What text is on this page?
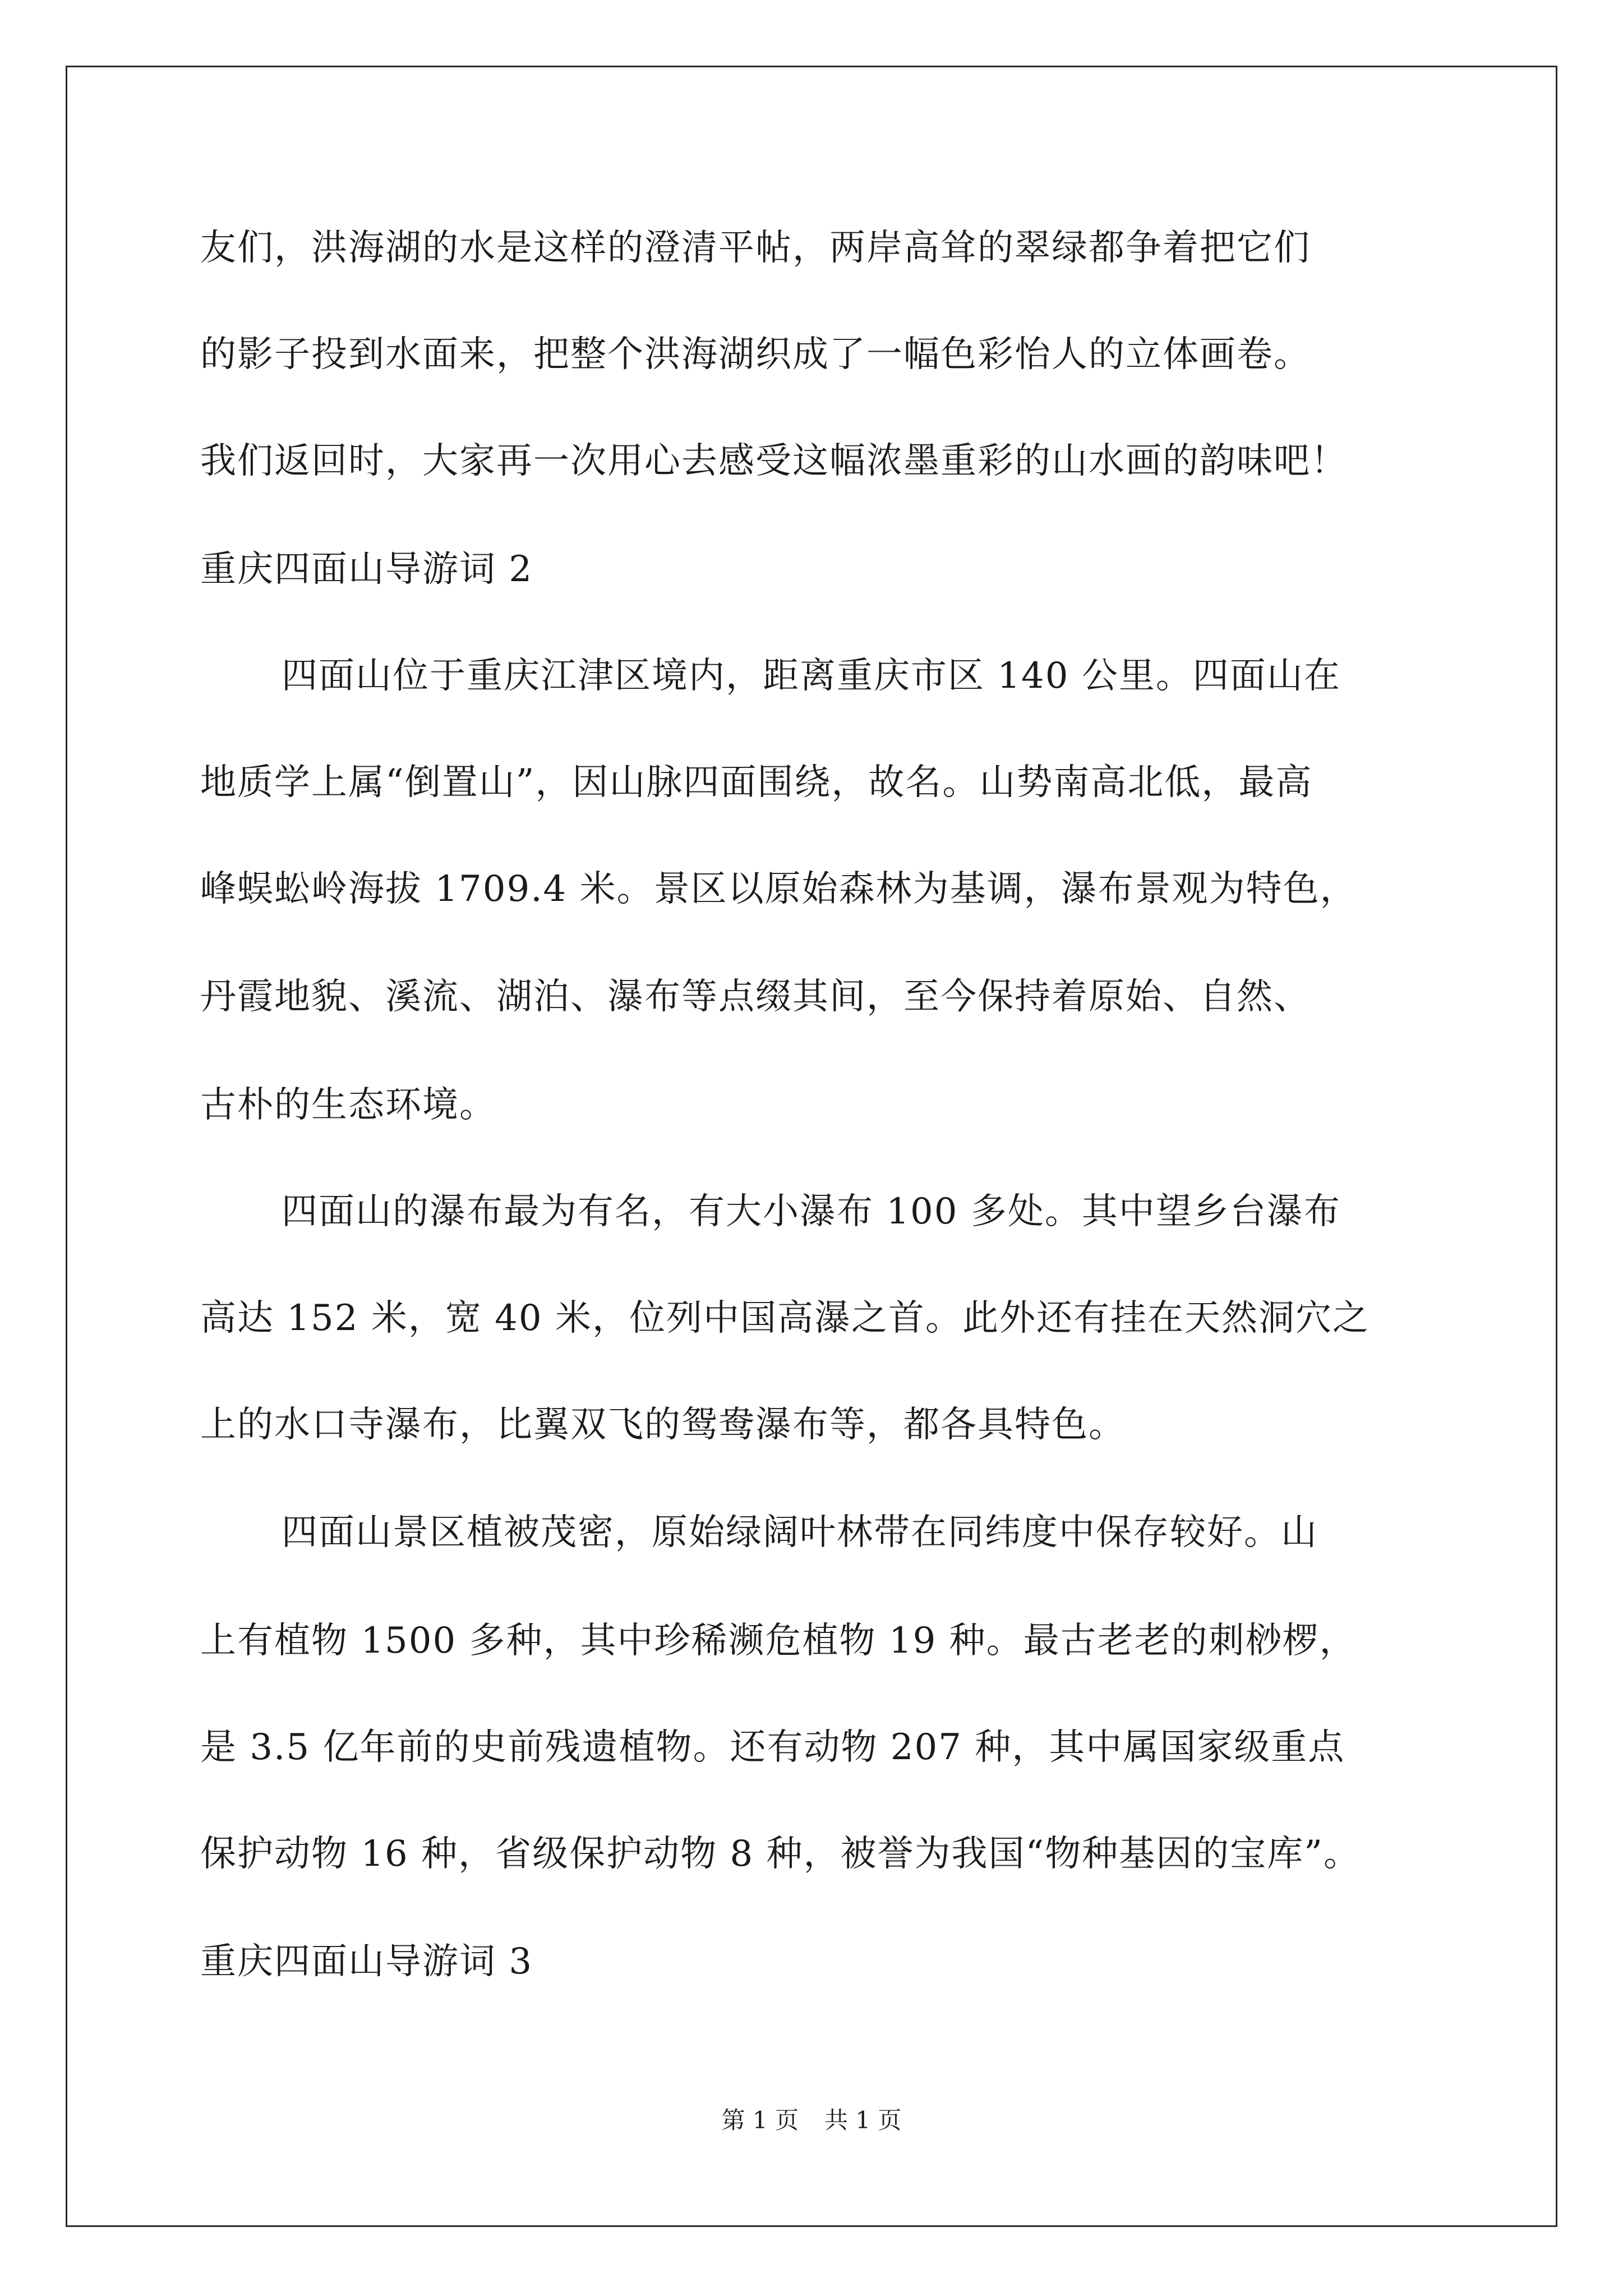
友们，洪海湖的水是这样的澄清平帖，两岸高耸的翠绿都争着把它们
的影子投到水面来，把整个洪海湖织成了一幅色彩怡人的立体画卷。
我们返回时，大家再一次用心去感受这幅浓墨重彩的山水画的韵味吧！
重庆四面山导游词 2
四面山位于重庆江津区境内，距离重庆市区 140 公里。四面山在
地质学上属“倒置山”，因山脉四面围绕，故名。山势南高北低，最高
峰蜈蚣岭海拔 1709.4 米。景区以原始森林为基调，瀑布景观为特色，
丹霞地貌、溪流、湖泊、瀑布等点缀其间，至今保持着原始、自然、
古朴的生态环境。
四面山的瀑布最为有名，有大小瀑布 100 多处。其中望乡台瀑布
高达 152 米，宽 40 米，位列中国高瀑之首。此外还有挂在天然洞穴之
上的水口寺瀑布，比翼双飞的鸳鸯瀑布等，都各具特色。
四面山景区植被茂密，原始绿阔叶林带在同纬度中保存较好。山
上有植物 1500 多种，其中珍稀濒危植物 19 种。最古老老的刺桫椤，
是 3.5 亿年前的史前残遗植物。还有动物 207 种，其中属国家级重点
保护动物 16 种，省级保护动物 8 种，被誉为我国“物种基因的宝库”。
重庆四面山导游词 3
第 1 页 共 1 页
